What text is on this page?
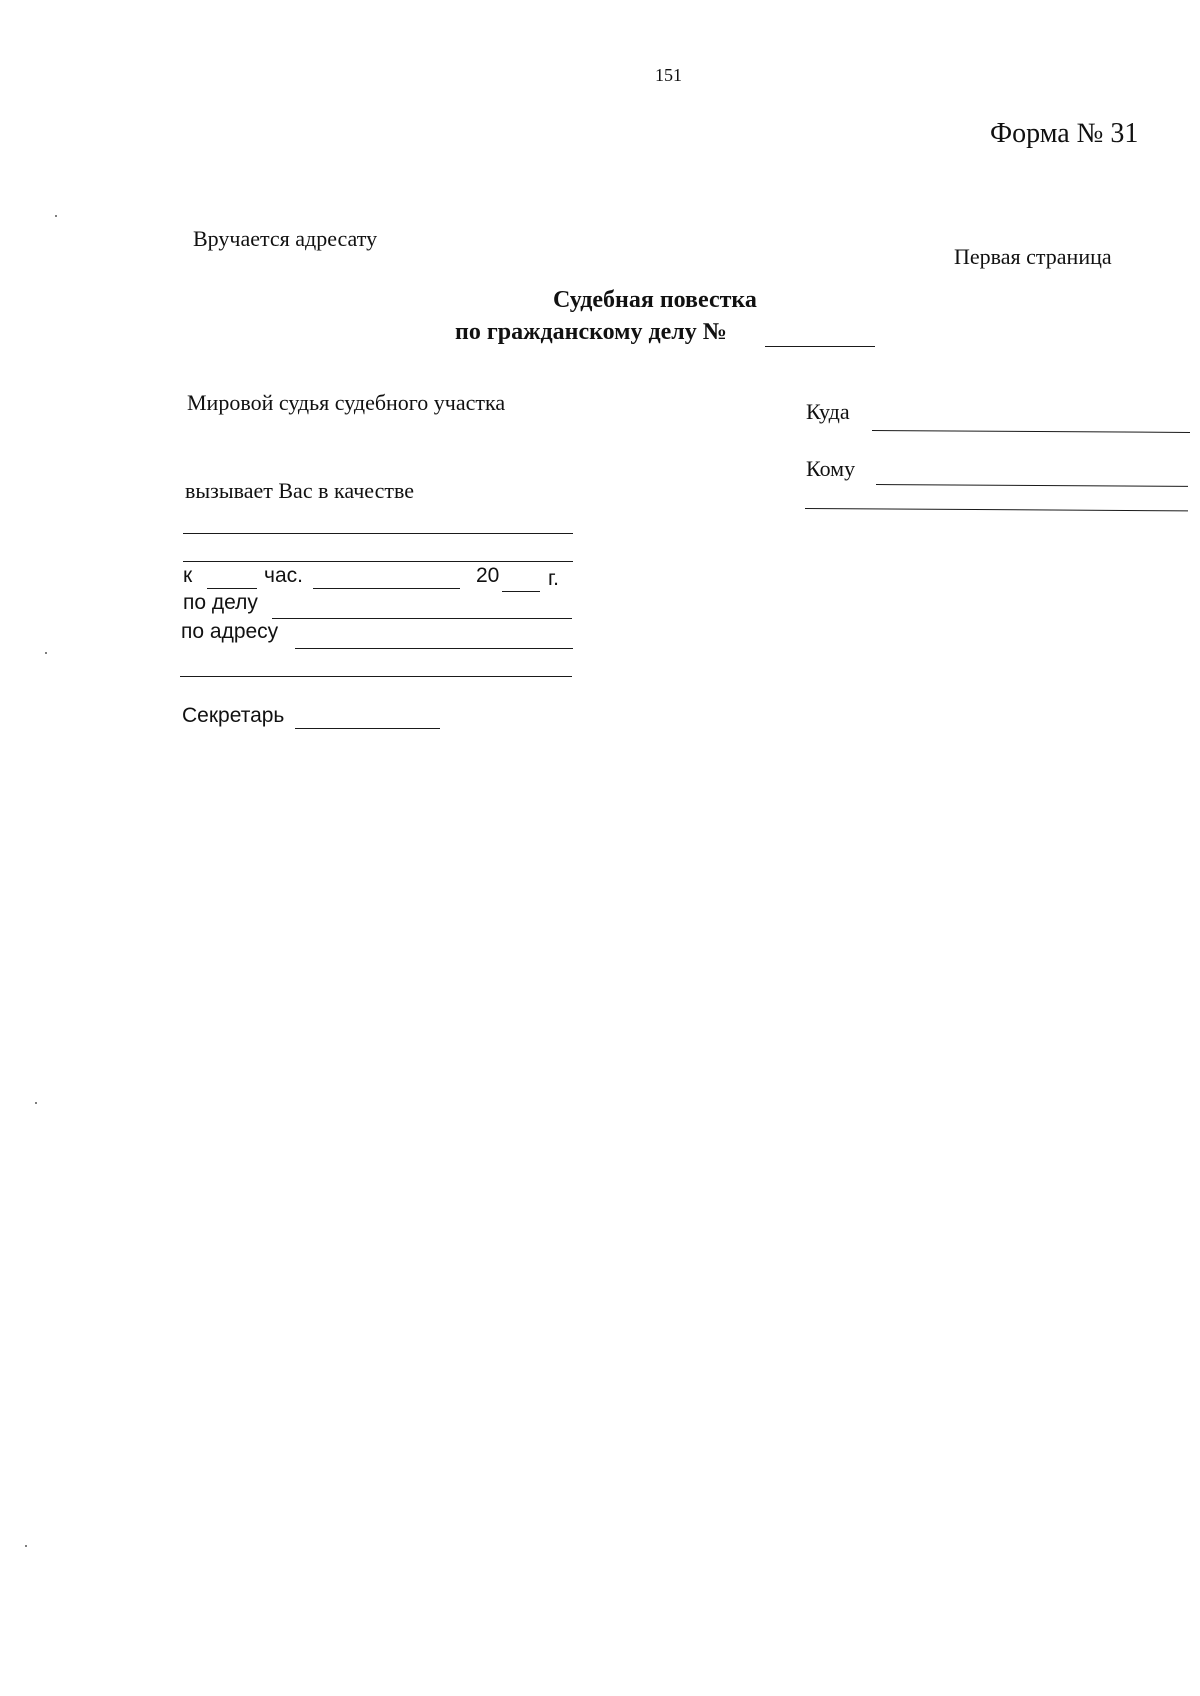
151
Форма № 31
Вручается адресату
Первая страница
Судебная повестка
по гражданскому делу №
Мировой судья судебного участка
вызывает Вас в качестве
к	час.	20 г.
по делу
по адресу
Секретарь
Куда
Кому
